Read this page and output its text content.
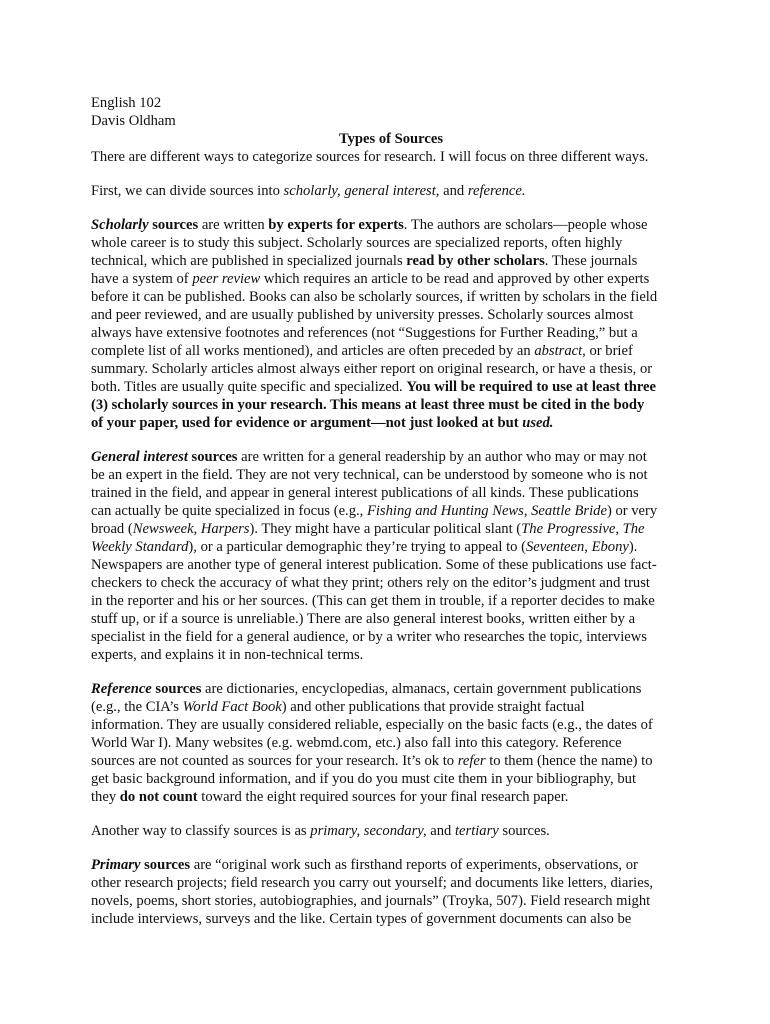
English 102

Davis Oldham

Types of Sources

There are different ways to categorize sources for research. I will focus on three different ways.

First, we can divide sources into scholarly, general interest, and reference.

Scholarly sources are written by experts for experts. The authors are scholars—people whose
whole career is to study this subject. Scholarly sources are specialized reports, often highly
technical, which are published in specialized journals read by other scholars. These journals
have a system of peer review which requires an article to be read and approved by other experts
before it can be published. Books can also be scholarly sources, if written by scholars in the field
and peer reviewed, and are usually published by university presses. Scholarly sources almost
always have extensive footnotes and references (not “Suggestions for Further Reading,” but a
complete list of all works mentioned), and articles are often preceded by an abstract, or brief
summary. Scholarly articles almost always either report on original research, or have a thesis, or
both. Titles are usually quite specific and specialized. You will be required to use at least three
(3) scholarly sources in your research. This means at least three must be cited in the body
of your paper, used for evidence or argument—not just looked at but used.
General interest sources are written for a general readership by an author who may or may not
be an expert in the field. They are not very technical, can be understood by someone who is not
trained in the field, and appear in general interest publications of all kinds. These publications
can actually be quite specialized in focus (e.g., Fishing and Hunting News, Seattle Bride) or very
broad (Newsweek, Harpers). They might have a particular political slant (The Progressive, The
Weekly Standard), or a particular demographic they’re trying to appeal to (Seventeen, Ebony).
Newspapers are another type of general interest publication. Some of these publications use fact-
checkers to check the accuracy of what they print; others rely on the editor’s judgment and trust
in the reporter and his or her sources. (This can get them in trouble, if a reporter decides to make
stuff up, or if a source is unreliable.) There are also general interest books, written either by a
specialist in the field for a general audience, or by a writer who researches the topic, interviews
experts, and explains it in non-technical terms.
Reference sources are dictionaries, encyclopedias, almanacs, certain government publications
(e.g., the CIA’s World Fact Book) and other publications that provide straight factual
information. They are usually considered reliable, especially on the basic facts (e.g., the dates of
World War I). Many websites (e.g. webmd.com, etc.) also fall into this category. Reference
sources are not counted as sources for your research. It’s ok to refer to them (hence the name) to
get basic background information, and if you do you must cite them in your bibliography, but
they do not count toward the eight required sources for your final research paper.

Another way to classify sources is as primary, secondary, and tertiary sources.

Primary sources are “original work such as firsthand reports of experiments, observations, or
other research projects; field research you carry out yourself; and documents like letters, diaries,
novels, poems, short stories, autobiographies, and journals” (Troyka, 507). Field research might
include interviews, surveys and the like. Certain types of government documents can also be
